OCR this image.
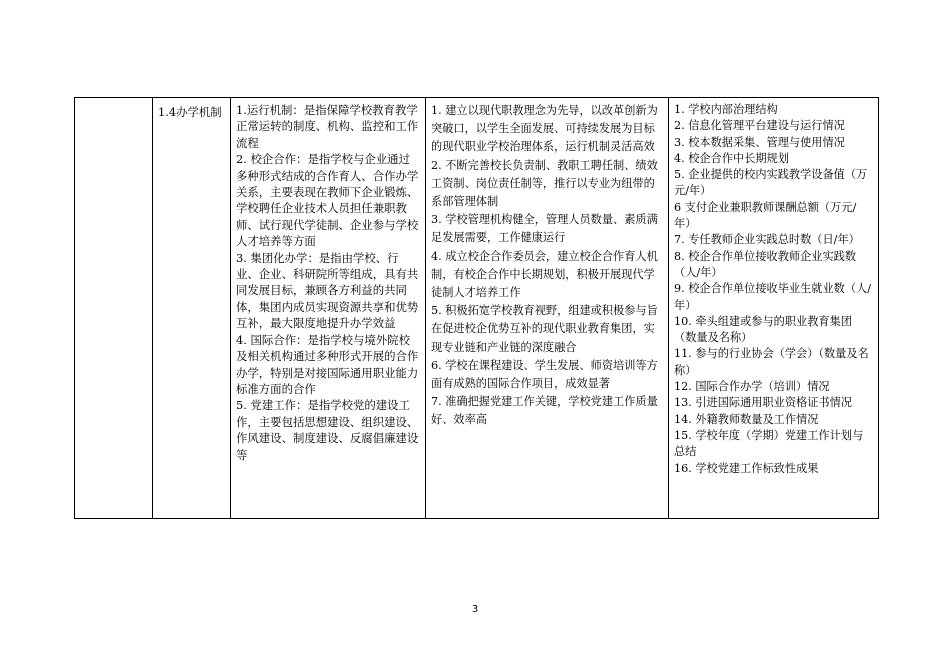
	1.4办学机制	1.运行机制：是指保障学校教育教学正常运转的制度、机构、监控和工作流程
2. 校企合作：是指学校与企业通过多种形式结成的合作育人、合作办学关系，主要表现在教师下企业锻炼、学校聘任企业技术人员担任兼职教师、试行现代学徒制、企业参与学校人才培养等方面
3. 集团化办学：是指由学校、行业、企业、科研院所等组成，具有共同发展目标，兼顾各方利益的共同体，集团内成员实现资源共享和优势互补，最大限度地提升办学效益
4. 国际合作：是指学校与境外院校及相关机构通过多种形式开展的合作办学，特别是对接国际通用职业能力标准方面的合作
5. 党建工作：是指学校党的建设工作，主要包括思想建设、组织建设、作风建设、制度建设、反腐倡廉建设等

1. 建立以现代职教理念为先导，以改革创新为突破口，以学生全面发展、可持续发展为目标的现代职业学校治理体系，运行机制灵活高效
2. 不断完善校长负责制、教职工聘任制、绩效工资制、岗位责任制等，推行以专业为纽带的系部管理体制
3. 学校管理机构健全，管理人员数量、素质满足发展需要，工作健康运行
4. 成立校企合作委员会，建立校企合作育人机制，有校企合作中长期规划，积极开展现代学徒制人才培养工作
5. 积极拓宽学校教育视野，组建或积极参与旨在促进校企优势互补的现代职业教育集团，实现专业链和产业链的深度融合
6. 学校在课程建设、学生发展、师资培训等方面有成熟的国际合作项目，成效显著
7. 准确把握党建工作关键，学校党建工作质量好、效率高

1. 学校内部治理结构
2. 信息化管理平台建设与运行情况
3. 校本数据采集、管理与使用情况
4. 校企合作中长期规划
5. 企业提供的校内实践教学设备值（万元/年）
6 支付企业兼职教师课酬总额（万元/年）
7. 专任教师企业实践总时数（日/年）
8. 校企合作单位接收教师企业实践数（人/年）
9. 校企合作单位接收毕业生就业数（人/年）
10. 牵头组建或参与的职业教育集团（数量及名称）
11. 参与的行业协会（学会）（数量及名称）
12. 国际合作办学（培训）情况
13. 引进国际通用职业资格证书情况
14. 外籍教师数量及工作情况
15. 学校年度（学期）党建工作计划与总结
16. 学校党建工作标致性成果
3
